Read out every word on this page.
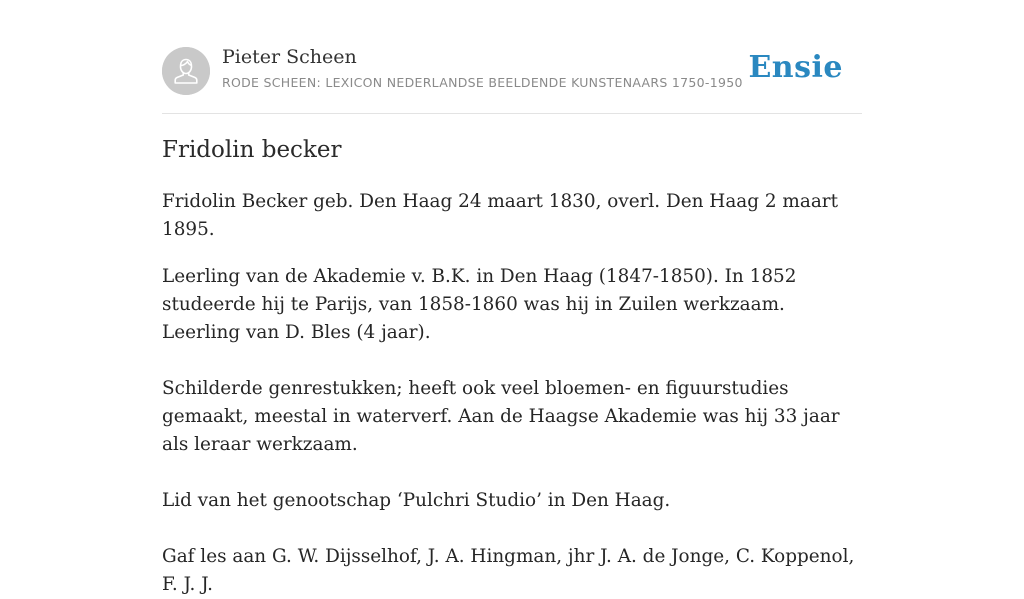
Pieter Scheen
RODE SCHEEN: LEXICON NEDERLANDSE BEELDENDE KUNSTENAARS 1750-1950 Ensie
Fridolin becker

Fridolin Becker geb. Den Haag 24 maart 1830, overl. Den Haag 2 maart 1895.

Leerling van de Akademie v. B.K. in Den Haag (1847-1850). In 1852 studeerde hij te Parijs, van 1858-1860 was hij in Zuilen werkzaam. Leerling van D. Bles (4 jaar).

Schilderde genrestukken; heeft ook veel bloemen- en figuurstudies gemaakt, meestal in waterverf. Aan de Haagse Akademie was hij 33 jaar als leraar werkzaam.

Lid van het genootschap ‘Pulchri Studio’ in Den Haag.

Gaf les aan G. W. Dijsselhof, J. A. Hingman, jhr J. A. de Jonge, C. Koppenol, F. J. J.
